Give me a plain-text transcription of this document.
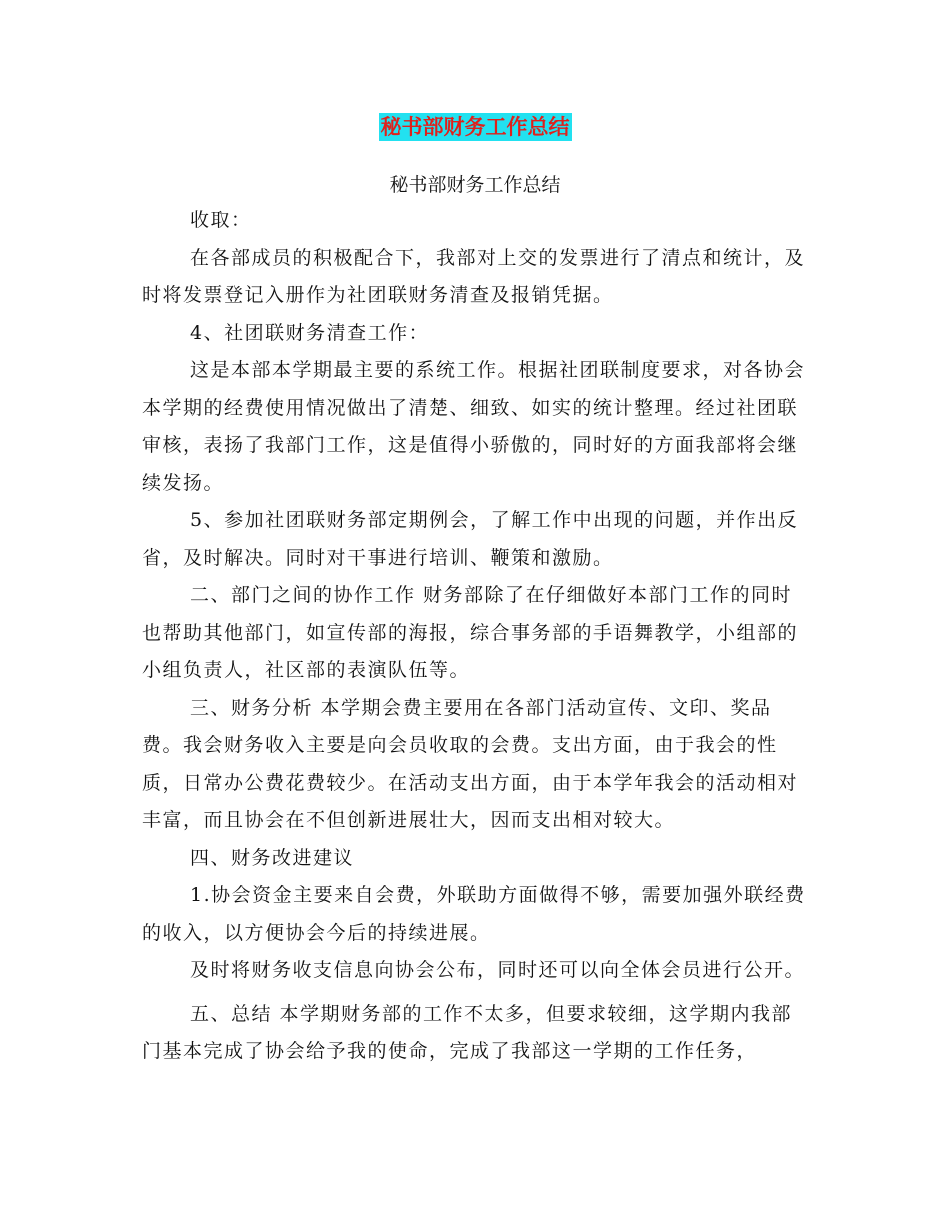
秘书部财务工作总结
秘书部财务工作总结

收取：

在各部成员的积极配合下，我部对上交的发票进行了清点和统计，及时将发票登记入册作为社团联财务清查及报销凭据。

4、社团联财务清查工作：

这是本部本学期最主要的系统工作。根据社团联制度要求，对各协会本学期的经费使用情况做出了清楚、细致、如实的统计整理。经过社团联审核，表扬了我部门工作，这是值得小骄傲的，同时好的方面我部将会继续发扬。

5、参加社团联财务部定期例会，了解工作中出现的问题，并作出反省，及时解决。同时对干事进行培训、鞭策和激励。

二、部门之间的协作工作 财务部除了在仔细做好本部门工作的同时也帮助其他部门，如宣传部的海报，综合事务部的手语舞教学，小组部的小组负责人，社区部的表演队伍等。

三、财务分析 本学期会费主要用在各部门活动宣传、文印、奖品费。我会财务收入主要是向会员收取的会费。支出方面，由于我会的性质，日常办公费花费较少。在活动支出方面，由于本学年我会的活动相对丰富，而且协会在不但创新进展壮大，因而支出相对较大。

四、财务改进建议

1.协会资金主要来自会费，外联助方面做得不够，需要加强外联经费的收入，以方便协会今后的持续进展。

及时将财务收支信息向协会公布，同时还可以向全体会员进行公开。

五、总结 本学期财务部的工作不太多，但要求较细，这学期内我部门基本完成了协会给予我的使命，完成了我部这一学期的工作任务，
